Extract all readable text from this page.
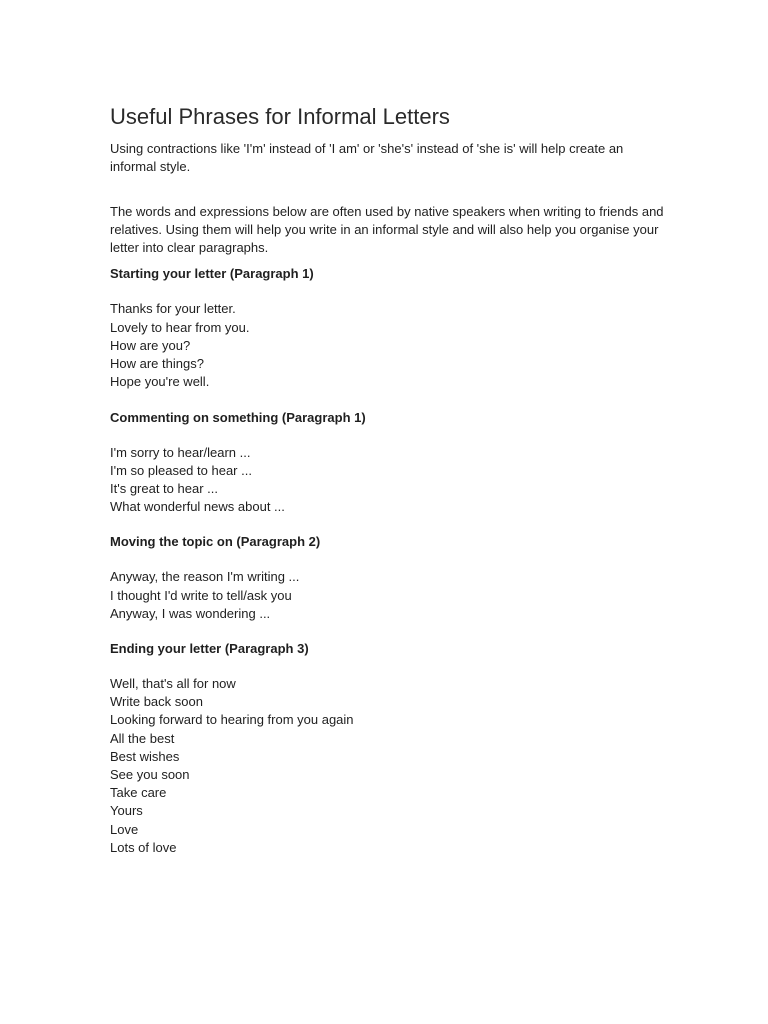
Useful Phrases for Informal Letters

Using contractions like 'I'm' instead of 'I am' or 'she's' instead of 'she is' will help create an informal style.

The words and expressions below are often used by native speakers when writing to friends and relatives. Using them will help you write in an informal style and will also help you organise your letter into clear paragraphs.

Starting your letter (Paragraph 1)
Thanks for your letter.
Lovely to hear from you.
How are you?
How are things?
Hope you're well.
Commenting on something (Paragraph 1)
I'm sorry to hear/learn ...
I'm so pleased to hear ...
It's great to hear ...
What wonderful news about ...
Moving the topic on (Paragraph 2)
Anyway, the reason I'm writing ...
I thought I'd write to tell/ask you
Anyway, I was wondering ...
Ending your letter (Paragraph 3)
Well, that's all for now
Write back soon
Looking forward to hearing from you again
All the best
Best wishes
See you soon
Take care
Yours
Love
Lots of love
